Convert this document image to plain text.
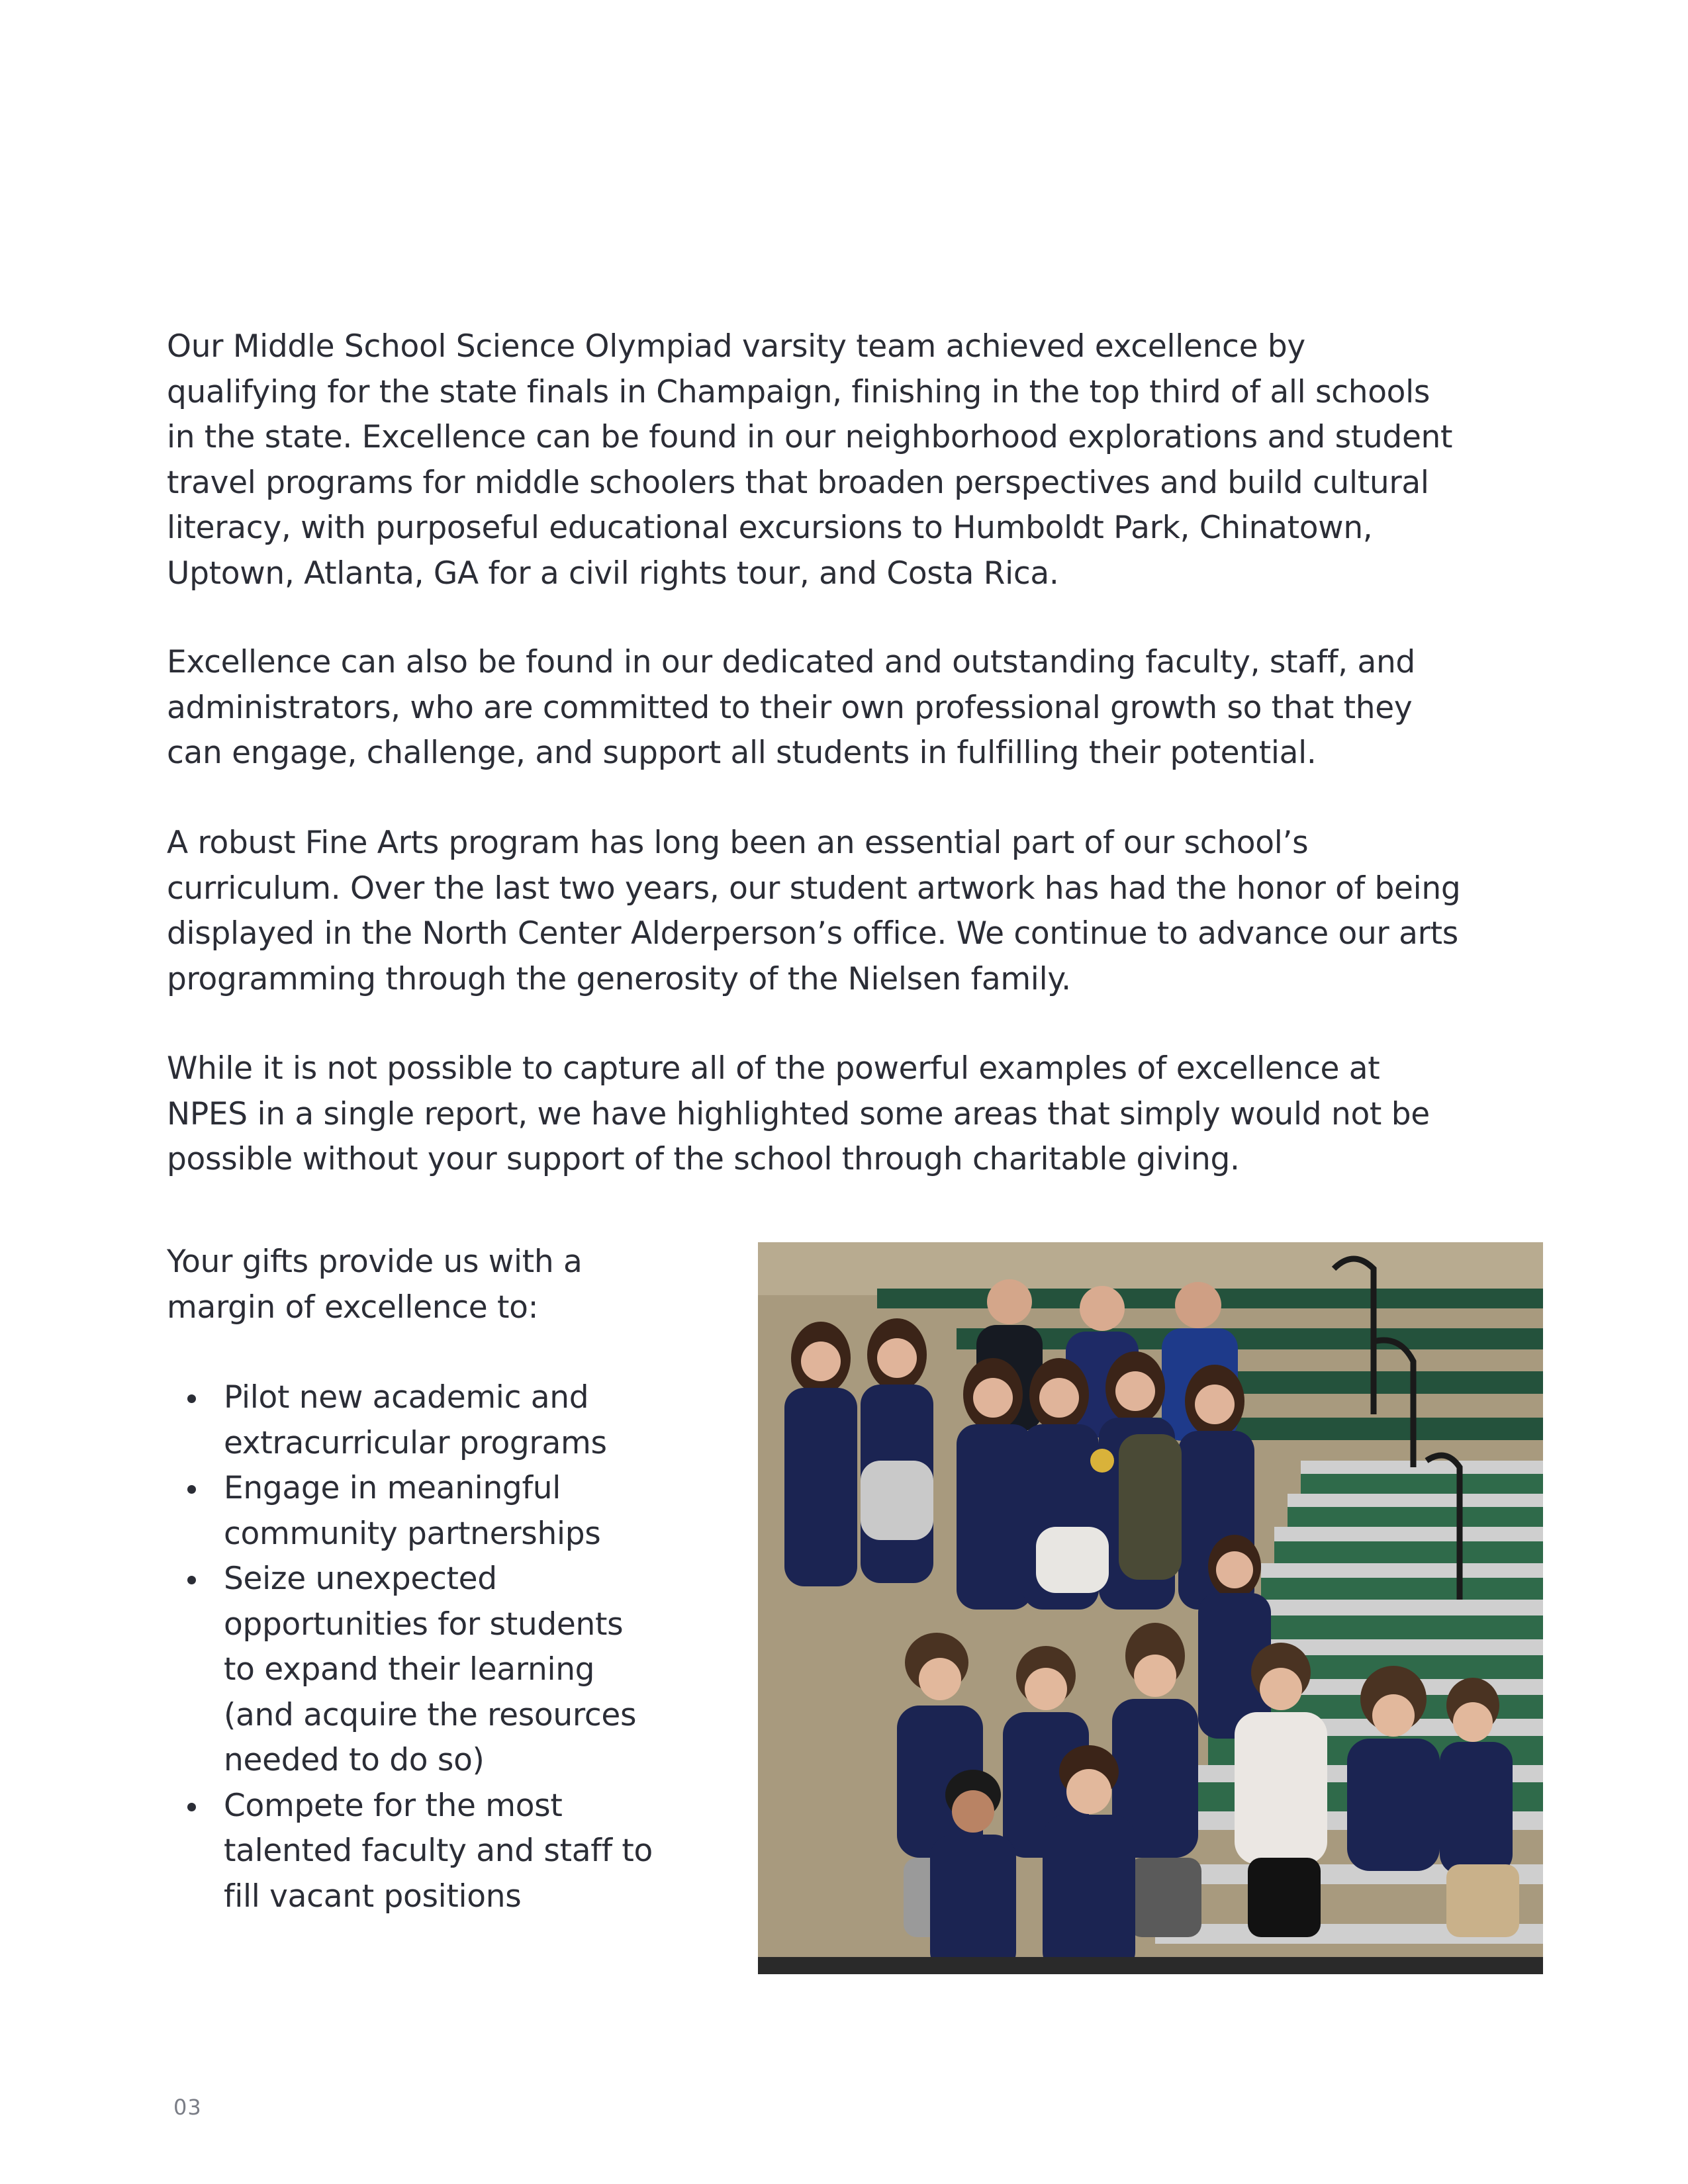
Our Middle School Science Olympiad varsity team achieved excellence by
qualifying for the state finals in Champaign, finishing in the top third of all schools
in the state. Excellence can be found in our neighborhood explorations and student
travel programs for middle schoolers that broaden perspectives and build cultural
literacy, with purposeful educational excursions to Humboldt Park, Chinatown,
Uptown, Atlanta, GA for a civil rights tour, and Costa Rica.

Excellence can also be found in our dedicated and outstanding faculty, staff, and
administrators, who are committed to their own professional growth so that they
can engage, challenge, and support all students in fulfilling their potential.

A robust Fine Arts program has long been an essential part of our school’s
curriculum. Over the last two years, our student artwork has had the honor of being
displayed in the North Center Alderperson’s office. We continue to advance our arts
programming through the generosity of the Nielsen family.

While it is not possible to capture all of the powerful examples of excellence at
NPES in a single report, we have highlighted some areas that simply would not be
possible without your support of the school through charitable giving.

Your gifts provide us with a
margin of excellence to:

Pilot new academic and
extracurricular programs
Engage in meaningful
community partnerships
Seize unexpected
opportunities for students
to expand their learning
(and acquire the resources
needed to do so)
Compete for the most
talented faculty and staff to
fill vacant positions
03
